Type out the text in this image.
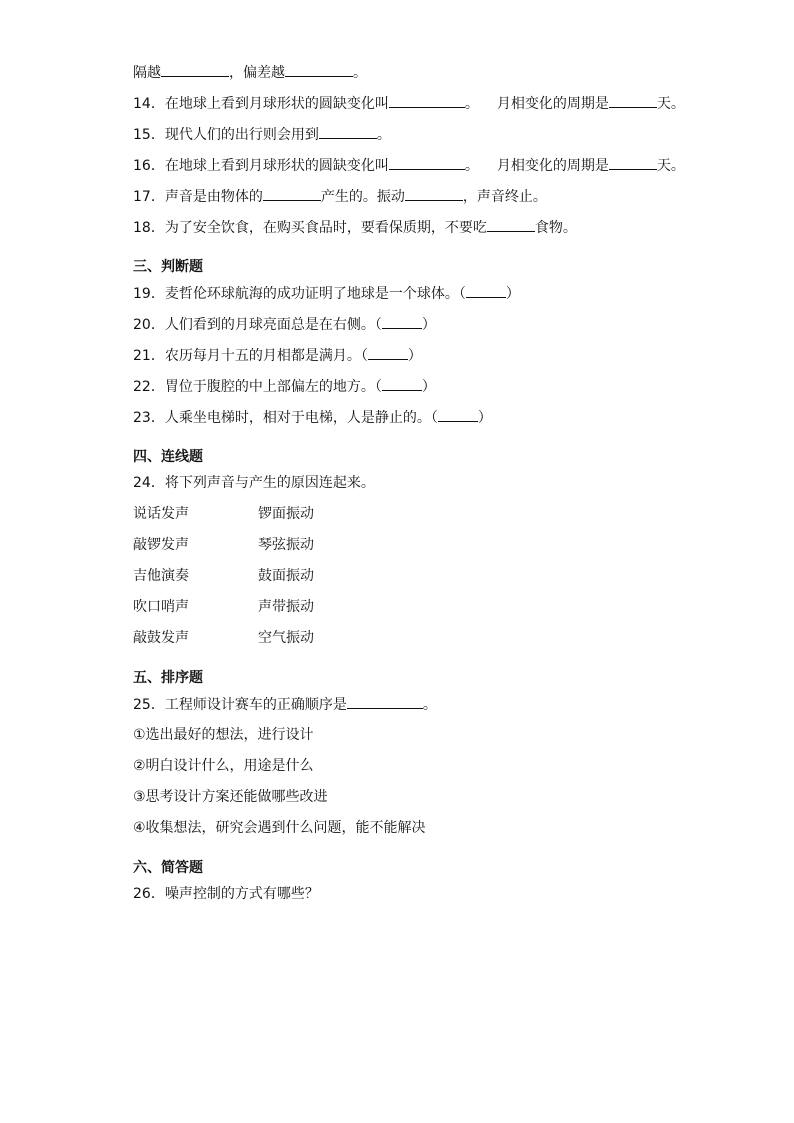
隔越	，偏差越	。
14．在地球上看到月球形状的圆缺变化叫	。 月相变化的周期是	天。
15．现代人们的出行则会用到	。
16．在地球上看到月球形状的圆缺变化叫	。 月相变化的周期是	天。
17．声音是由物体的	产生的。振动	，声音终止。
18．为了安全饮食，在购买食品时，要看保质期，不要吃	食物。
三、判断题
19．麦哲伦环球航海的成功证明了地球是一个球体。（	）
20．人们看到的月球亮面总是在右侧。（	）
21．农历每月十五的月相都是满月。（	）
22．胃位于腹腔的中上部偏左的地方。（	）
23．人乘坐电梯时，相对于电梯，人是静止的。（	）
四、连线题
24．将下列声音与产生的原因连起来。
说话发声	锣面振动
敲锣发声	琴弦振动
吉他演奏	鼓面振动
吹口哨声	声带振动
敲鼓发声	空气振动
五、排序题
25．工程师设计赛车的正确顺序是	。
①选出最好的想法，进行设计
②明白设计什么，用途是什么
③思考设计方案还能做哪些改进
④收集想法，研究会遇到什么问题，能不能解决
六、简答题
26．噪声控制的方式有哪些？
